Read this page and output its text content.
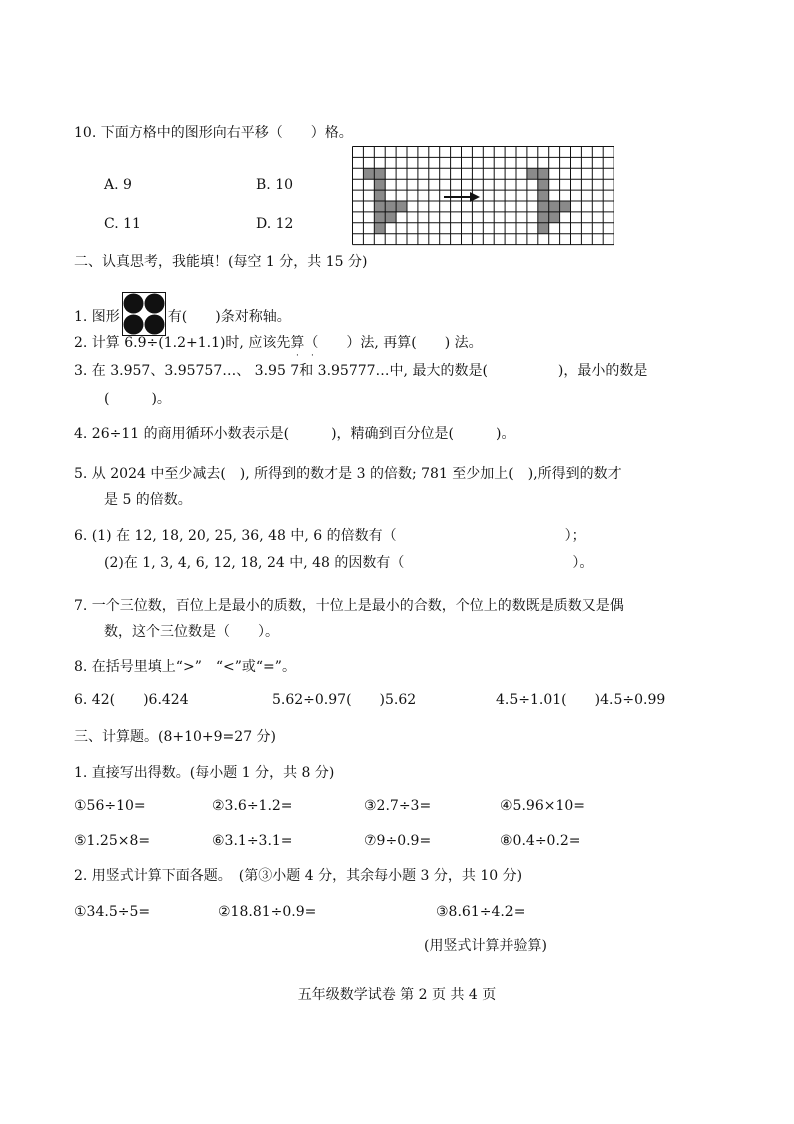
10. 下面方格中的图形向右平移（　　）格。
A. 9	B. 10
C. 11	D. 12
二、认真思考，我能填！(每空 1 分，共 15 分)
1. 图形	有(　　)条对称轴。
2. 计算 6.9÷(1.2+1.1)时, 应该先算（　　）法, 再算(　　) 法。
· ·
3. 在 3.957、3.95757…、 3.95 7和 3.95777…中, 最大的数是(　　　　　)，最小的数是
(　　　)。
4. 26÷11 的商用循环小数表示是(　　　)，精确到百分位是(　　　)。
5. 从 2024 中至少减去(　), 所得到的数才是 3 的倍数; 781 至少加上(　),所得到的数才
是 5 的倍数。
6. (1) 在 12, 18, 20, 25, 36, 48 中, 6 的倍数有（　　　　　　　　　　　　）；
(2)在 1, 3, 4, 6, 12, 18, 24 中, 48 的因数有（　　　　　　　　　　　　）。
7. 一个三位数，百位上是最小的质数，十位上是最小的合数，个位上的数既是质数又是偶
数，这个三位数是（　　）。
8. 在括号里填上“>”　“<”或“=”。
6. 42(　　)6.424	5.62÷0.97(　　)5.62	4.5÷1.01(　　)4.5÷0.99
三、计算题。(8+10+9=27 分)
1. 直接写出得数。(每小题 1 分，共 8 分)
①56÷10=	②3.6÷1.2=	③2.7÷3=	④5.96×10=
⑤1.25×8=	⑥3.1÷3.1=	⑦9÷0.9=	⑧0.4÷0.2=
2. 用竖式计算下面各题。　(第③小题 4 分，其余每小题 3 分，共 10 分)
①34.5÷5=	②18.81÷0.9=	③8.61÷4.2=
(用竖式计算并验算)
五年级数学试卷 第 2 页 共 4 页
